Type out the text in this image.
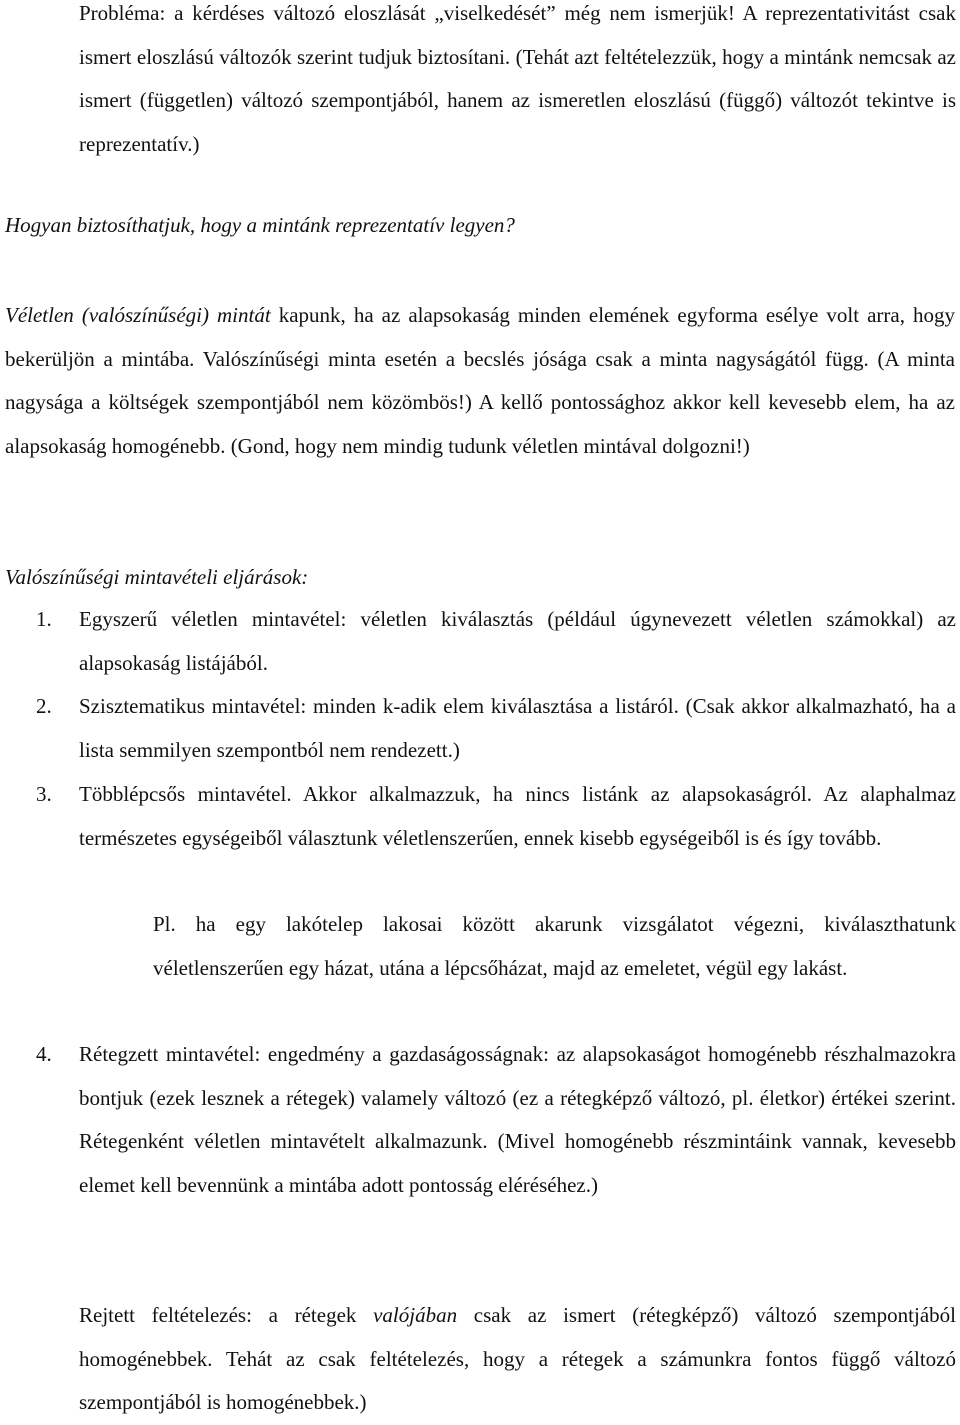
Probléma: a kérdéses változó eloszlását „viselkedését” még nem ismerjük! A reprezentativitást csak ismert eloszlású változók szerint tudjuk biztosítani. (Tehát azt feltételezzük, hogy a mintánk nemcsak az ismert (független) változó szempontjából, hanem az ismeretlen eloszlású (függő) változót tekintve is reprezentatív.)

Hogyan biztosíthatjuk, hogy a mintánk reprezentatív legyen?

Véletlen (valószínűségi) mintát kapunk, ha az alapsokaság minden elemének egyforma esélye volt arra, hogy bekerüljön a mintába. Valószínűségi minta esetén a becslés jósága csak a minta nagyságától függ. (A minta nagysága a költségek szempontjából nem közömbös!) A kellő pontossághoz akkor kell kevesebb elem, ha az alapsokaság homogénebb. (Gond, hogy nem mindig tudunk véletlen mintával dolgozni!)

Valószínűségi mintavételi eljárások:

1. Egyszerű véletlen mintavétel: véletlen kiválasztás (például úgynevezett véletlen számokkal) az alapsokaság listájából.

2. Szisztematikus mintavétel: minden k-adik elem kiválasztása a listáról. (Csak akkor alkalmazható, ha a lista semmilyen szempontból nem rendezett.)

3. Többlépcsős mintavétel. Akkor alkalmazzuk, ha nincs listánk az alapsokaságról. Az alaphalmaz természetes egységeiből választunk véletlenszerűen, ennek kisebb egységeiből is és így tovább.

Pl. ha egy lakótelep lakosai között akarunk vizsgálatot végezni, kiválaszthatunk véletlenszerűen egy házat, utána a lépcsőházat, majd az emeletet, végül egy lakást.

4. Rétegzett mintavétel: engedmény a gazdaságosságnak: az alapsokaságot homogénebb részhalmazokra bontjuk (ezek lesznek a rétegek) valamely változó (ez a rétegképző változó, pl. életkor) értékei szerint. Rétegenként véletlen mintavételt alkalmazunk. (Mivel homogénebb részmintáink vannak, kevesebb elemet kell bevennünk a mintába adott pontosság eléréséhez.)

Rejtett feltételezés: a rétegek valójában csak az ismert (rétegképző) változó szempontjából homogénebbek. Tehát az csak feltételezés, hogy a rétegek a számunkra fontos függő változó szempontjából is homogénebbek.)
